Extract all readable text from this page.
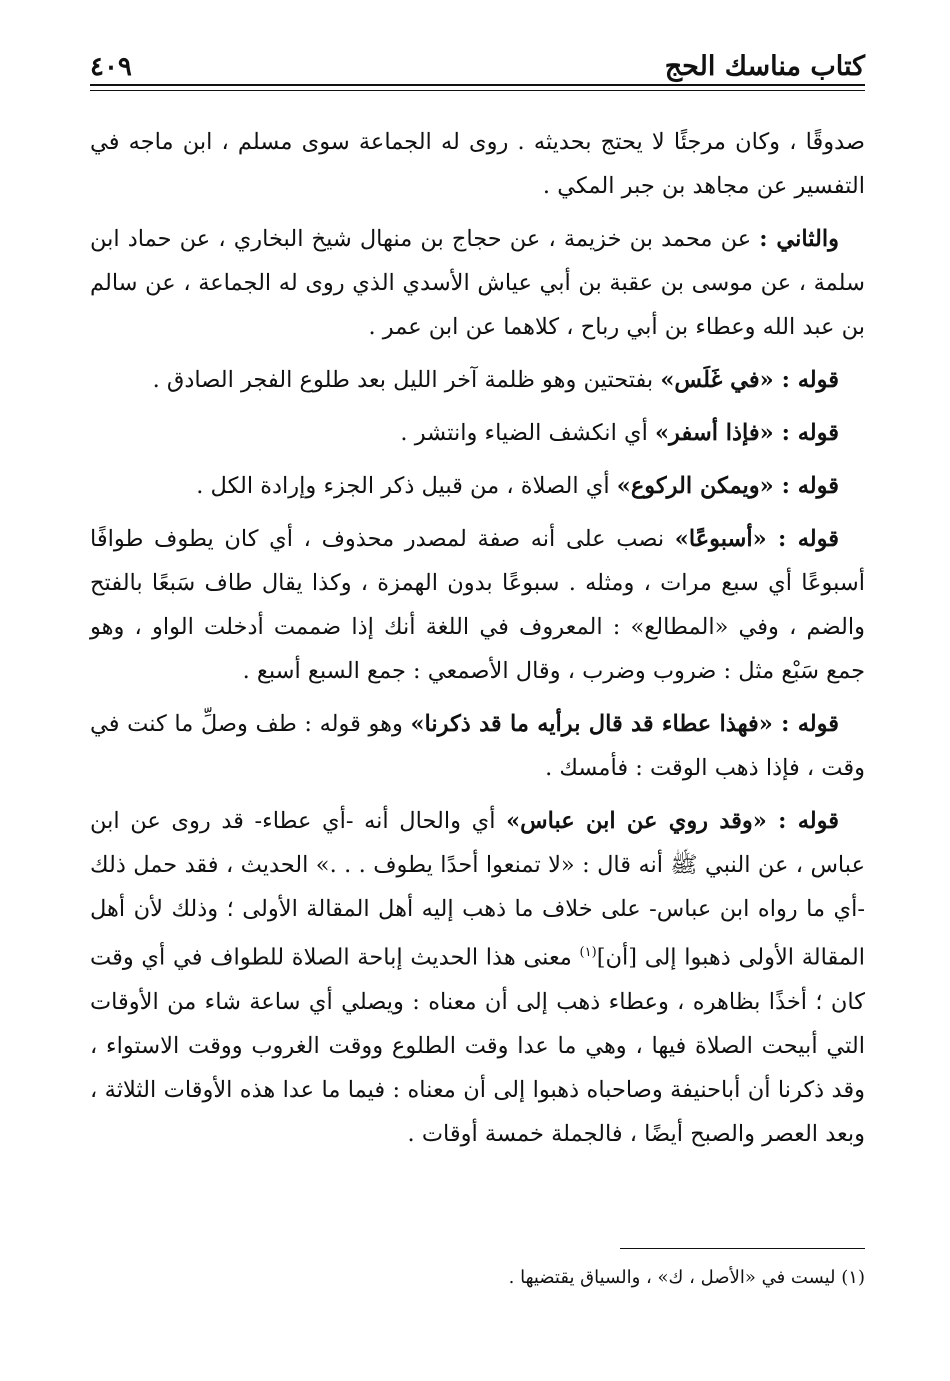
كتاب مناسك الحج
٤٠٩

صدوقًا ، وكان مرجئًا لا يحتج بحديثه . روى له الجماعة سوى مسلم ، ابن ماجه في التفسير عن مجاهد بن جبر المكي .

والثاني : عن محمد بن خزيمة ، عن حجاج بن منهال شيخ البخاري ، عن حماد ابن سلمة ، عن موسى بن عقبة بن أبي عياش الأسدي الذي روى له الجماعة ، عن سالم بن عبد الله وعطاء بن أبي رباح ، كلاهما عن ابن عمر .

قوله : «في غَلَس» بفتحتين وهو ظلمة آخر الليل بعد طلوع الفجر الصادق .

قوله : «فإذا أسفر» أي انكشف الضياء وانتشر .

قوله : «ويمكن الركوع» أي الصلاة ، من قبيل ذكر الجزء وإرادة الكل .

قوله : «أسبوعًا» نصب على أنه صفة لمصدر محذوف ، أي كان يطوف طوافًا أسبوعًا أي سبع مرات ، ومثله . سبوعًا بدون الهمزة ، وكذا يقال طاف سَبعًا بالفتح والضم ، وفي «المطالع» : المعروف في اللغة أنك إذا ضممت أدخلت الواو ، وهو جمع سَبْع مثل : ضروب وضرب ، وقال الأصمعي : جمع السبع أسبع .

قوله : «فهذا عطاء قد قال برأيه ما قد ذكرنا» وهو قوله : طف وصلِّ ما كنت في وقت ، فإذا ذهب الوقت : فأمسك .

قوله : «وقد روي عن ابن عباس» أي والحال أنه -أي عطاء- قد روى عن ابن عباس ، عن النبي ﷺ أنه قال : «لا تمنعوا أحدًا يطوف . . .» الحديث ، فقد حمل ذلك -أي ما رواه ابن عباس- على خلاف ما ذهب إليه أهل المقالة الأولى ؛ وذلك لأن أهل المقالة الأولى ذهبوا إلى [أن]$^{(١)}$ معنى هذا الحديث إباحة الصلاة للطواف في أي وقت كان ؛ أخذًا بظاهره ، وعطاء ذهب إلى أن معناه : ويصلي أي ساعة شاء من الأوقات التي أبيحت الصلاة فيها ، وهي ما عدا وقت الطلوع ووقت الغروب ووقت الاستواء ، وقد ذكرنا أن أباحنيفة وصاحباه ذهبوا إلى أن معناه : فيما ما عدا هذه الأوقات الثلاثة ، وبعد العصر والصبح أيضًا ، فالجملة خمسة أوقات .

(١) ليست في «الأصل ، ك» ، والسياق يقتضيها .
